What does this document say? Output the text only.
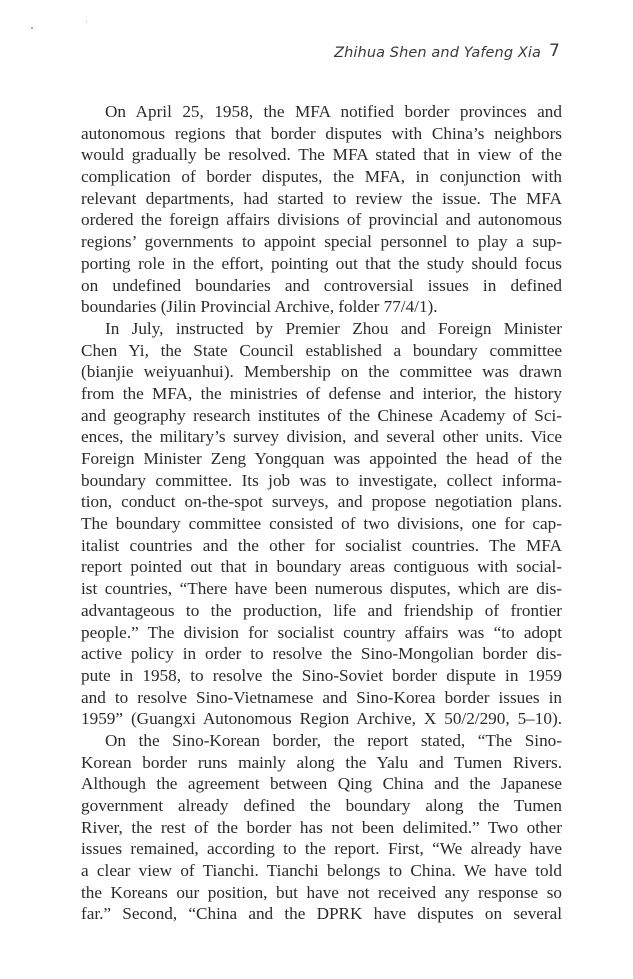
Zhihua Shen and Yafeng Xia 7
On April 25, 1958, the MFA notified border provinces and
autonomous regions that border disputes with China’s neighbors
would gradually be resolved. The MFA stated that in view of the
complication of border disputes, the MFA, in conjunction with
relevant departments, had started to review the issue. The MFA
ordered the foreign affairs divisions of provincial and autonomous
regions’ governments to appoint special personnel to play a sup-
porting role in the effort, pointing out that the study should focus
on undefined boundaries and controversial issues in defined
boundaries (Jilin Provincial Archive, folder 77/4/1).
In July, instructed by Premier Zhou and Foreign Minister
Chen Yi, the State Council established a boundary committee
(bianjie weiyuanhui). Membership on the committee was drawn
from the MFA, the ministries of defense and interior, the history
and geography research institutes of the Chinese Academy of Sci-
ences, the military’s survey division, and several other units. Vice
Foreign Minister Zeng Yongquan was appointed the head of the
boundary committee. Its job was to investigate, collect informa-
tion, conduct on-the-spot surveys, and propose negotiation plans.
The boundary committee consisted of two divisions, one for cap-
italist countries and the other for socialist countries. The MFA
report pointed out that in boundary areas contiguous with social-
ist countries, “There have been numerous disputes, which are dis-
advantageous to the production, life and friendship of frontier
people.” The division for socialist country affairs was “to adopt
active policy in order to resolve the Sino-Mongolian border dis-
pute in 1958, to resolve the Sino-Soviet border dispute in 1959
and to resolve Sino-Vietnamese and Sino-Korea border issues in
1959” (Guangxi Autonomous Region Archive, X 50/2/290, 5–10).
On the Sino-Korean border, the report stated, “The Sino-
Korean border runs mainly along the Yalu and Tumen Rivers.
Although the agreement between Qing China and the Japanese
government already defined the boundary along the Tumen
River, the rest of the border has not been delimited.” Two other
issues remained, according to the report. First, “We already have
a clear view of Tianchi. Tianchi belongs to China. We have told
the Koreans our position, but have not received any response so
far.” Second, “China and the DPRK have disputes on several
